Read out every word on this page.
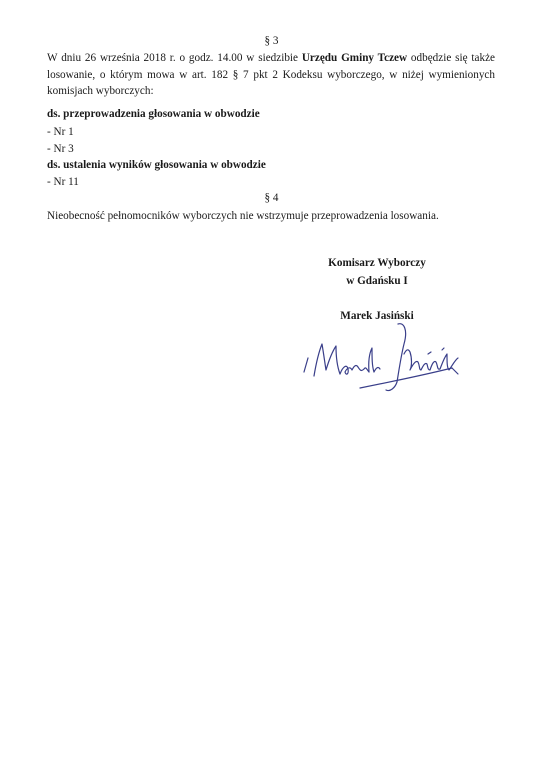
§ 3
W dniu 26 września 2018 r. o godz. 14.00 w siedzibie Urzędu Gminy Tczew odbędzie się także losowanie, o którym mowa w art. 182 § 7 pkt 2 Kodeksu wyborczego, w niżej wymienionych komisjach wyborczych:
ds. przeprowadzenia głosowania w obwodzie
- Nr 1
- Nr 3
ds. ustalenia wyników głosowania w obwodzie
- Nr 11
§ 4
Nieobecność pełnomocników wyborczych nie wstrzymuje przeprowadzenia losowania.
Komisarz Wyborczy
w Gdańsku I
Marek Jasiński
